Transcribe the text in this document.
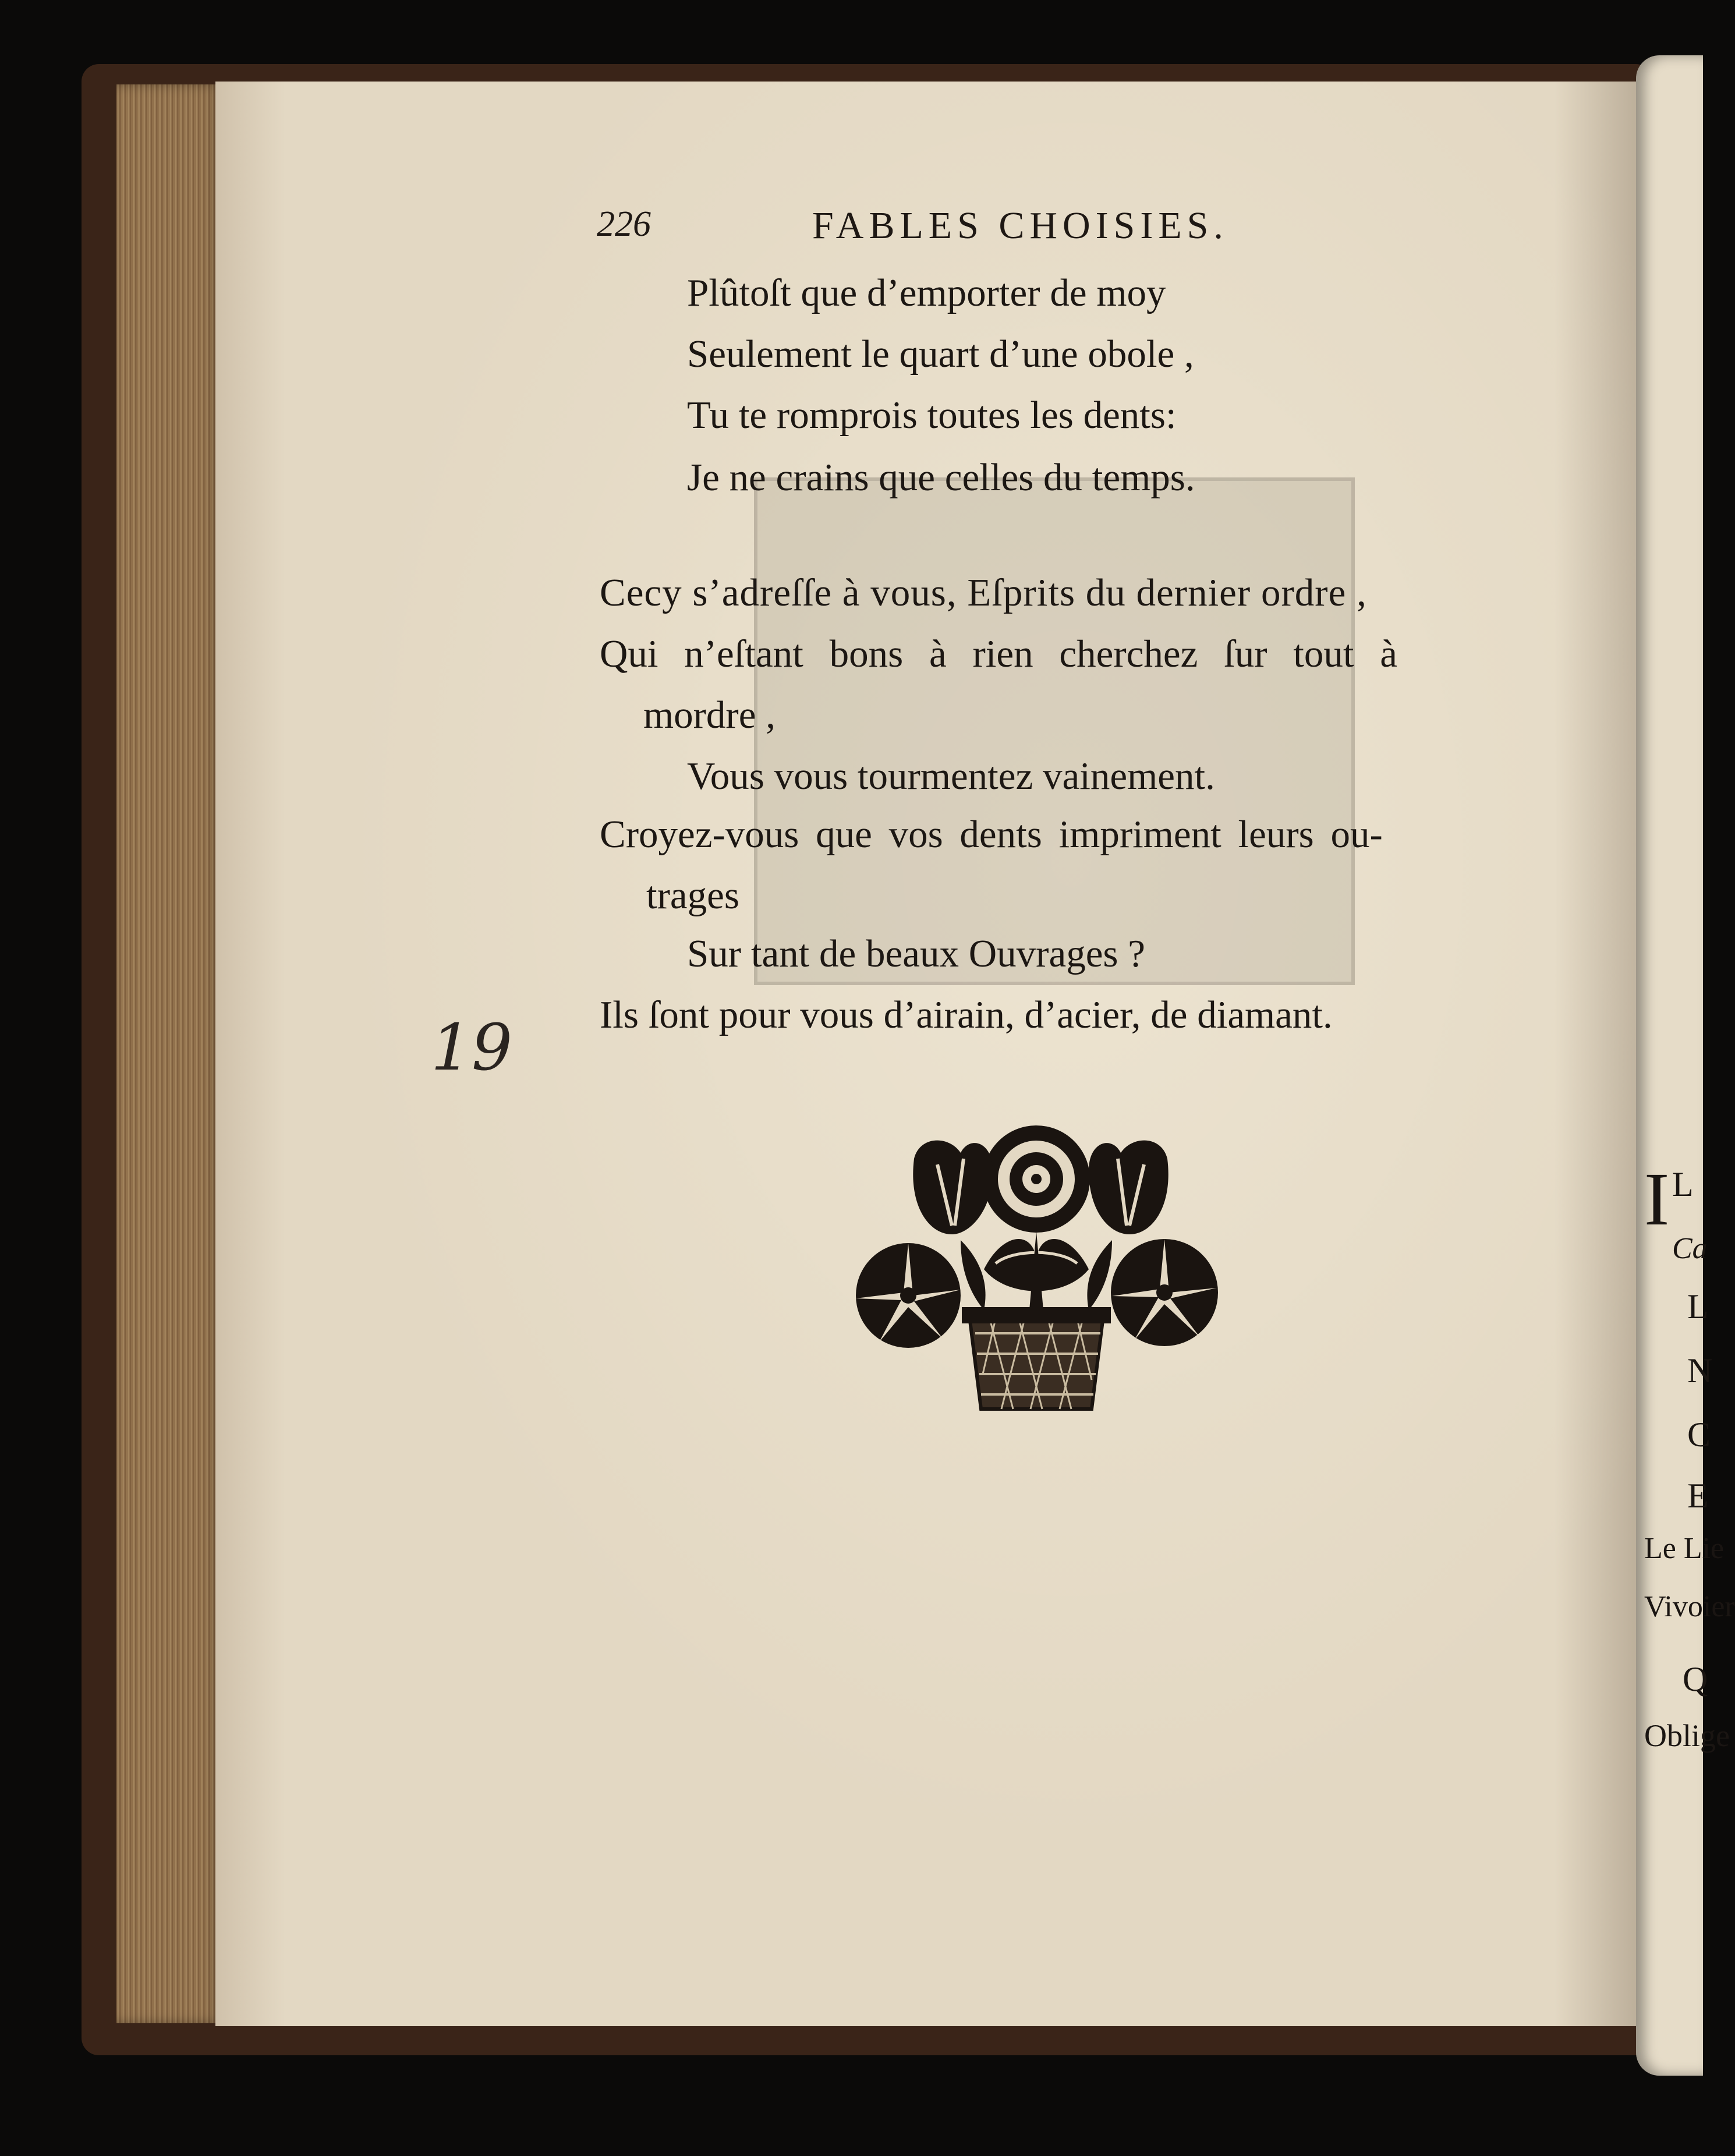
226	FABLES CHOISIES.
Plûtoſt que d’emporter de moy
Seulement le quart d’une obole ,
Tu te romprois toutes les dents:
Je ne crains que celles du temps.
Cecy s’adreſſe à vous, Eſprits du dernier ordre ,
Qui n’eſtant bons à rien cherchez ſur tout à
mordre ,
Vous vous tourmentez vainement.
Croyez-vous que vos dents impriment leurs ou-
trages
Sur tant de beaux Ouvrages ?
Ils ſont pour vous d’airain, d’acier, de diamant.
19
I L
Ca
L
N
C
E
Le Lie
Vivoier
Q
Oblige
